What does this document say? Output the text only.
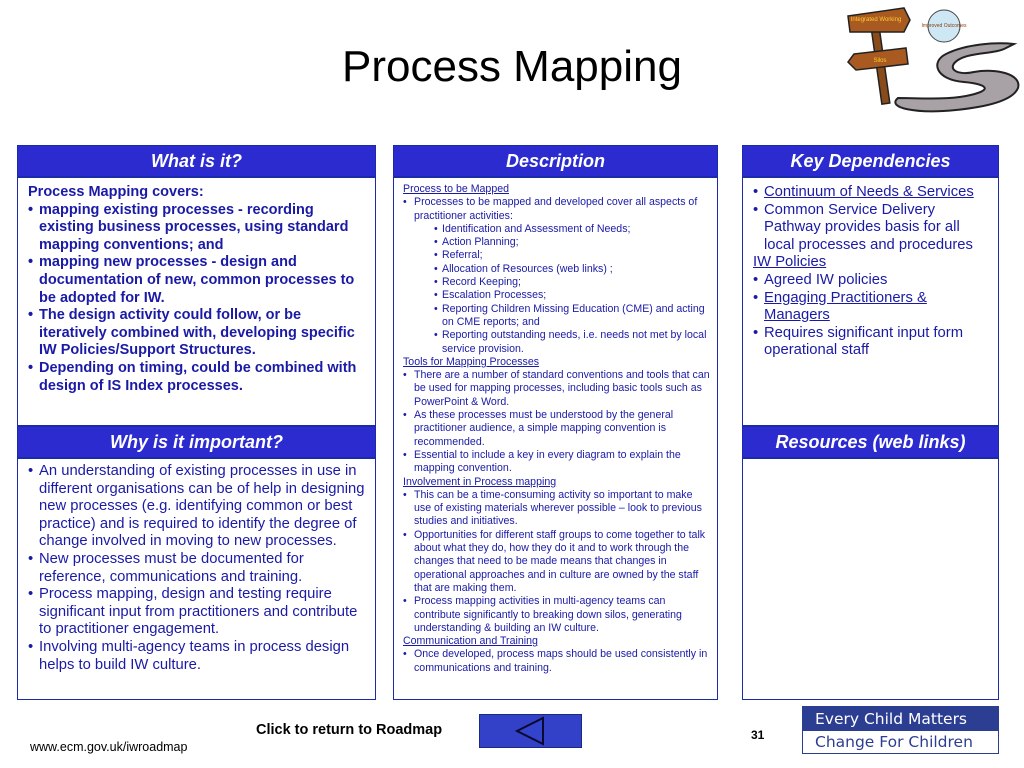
Process Mapping
Integrated Working
Silos
Improved Outcomes
What is it?
Process Mapping covers:
• mapping existing processes - recording existing business processes, using standard mapping conventions; and
• mapping new processes - design and documentation of new, common processes to be adopted for IW.
• The design activity could follow, or be iteratively combined with, developing specific IW Policies/Support Structures.
• Depending on timing, could be combined with design of IS Index processes.
Why is it important?
• An understanding of existing processes in use in different organisations can be of help in designing new processes (e.g. identifying common or best practice) and is required to identify the degree of change involved in moving to new processes.
• New processes must be documented for reference, communications and training.
• Process mapping, design and testing require significant input from practitioners and contribute to practitioner engagement.
• Involving multi-agency teams in process design helps to build IW culture.
Description
Process to be Mapped
• Processes to be mapped and developed cover all aspects of practitioner activities:
• Identification and Assessment of Needs;
• Action Planning;
• Referral;
• Allocation of Resources (web links) ;
• Record Keeping;
• Escalation Processes;
• Reporting Children Missing Education (CME) and acting on CME reports; and
• Reporting outstanding needs, i.e. needs not met by local service provision.
Tools for Mapping Processes
• There are a number of standard conventions and tools that can be used for mapping processes, including basic tools such as PowerPoint & Word.
• As these processes must be understood by the general practitioner audience, a simple mapping convention is recommended.
• Essential to include a key in every diagram to explain the mapping convention.
Involvement in Process mapping
• This can be a time-consuming activity so important to make use of existing materials wherever possible – look to previous studies and initiatives.
• Opportunities for different staff groups to come together to talk about what they do, how they do it and to work through the changes that need to be made means that changes in operational approaches and in culture are owned by the staff that are making them.
• Process mapping activities in multi-agency teams can contribute significantly to breaking down silos, generating understanding & building an IW culture.
Communication and Training
• Once developed, process maps should be used consistently in communications and training.
Key Dependencies
• Continuum of Needs & Services
• Common Service Delivery Pathway provides basis for all local processes and procedures
IW Policies
• Agreed IW policies
• Engaging Practitioners & Managers
• Requires significant input form operational staff
Resources (web links)
Click to return to Roadmap	31
www.ecm.gov.uk/iwroadmap
Every Child Matters
Change For Children
